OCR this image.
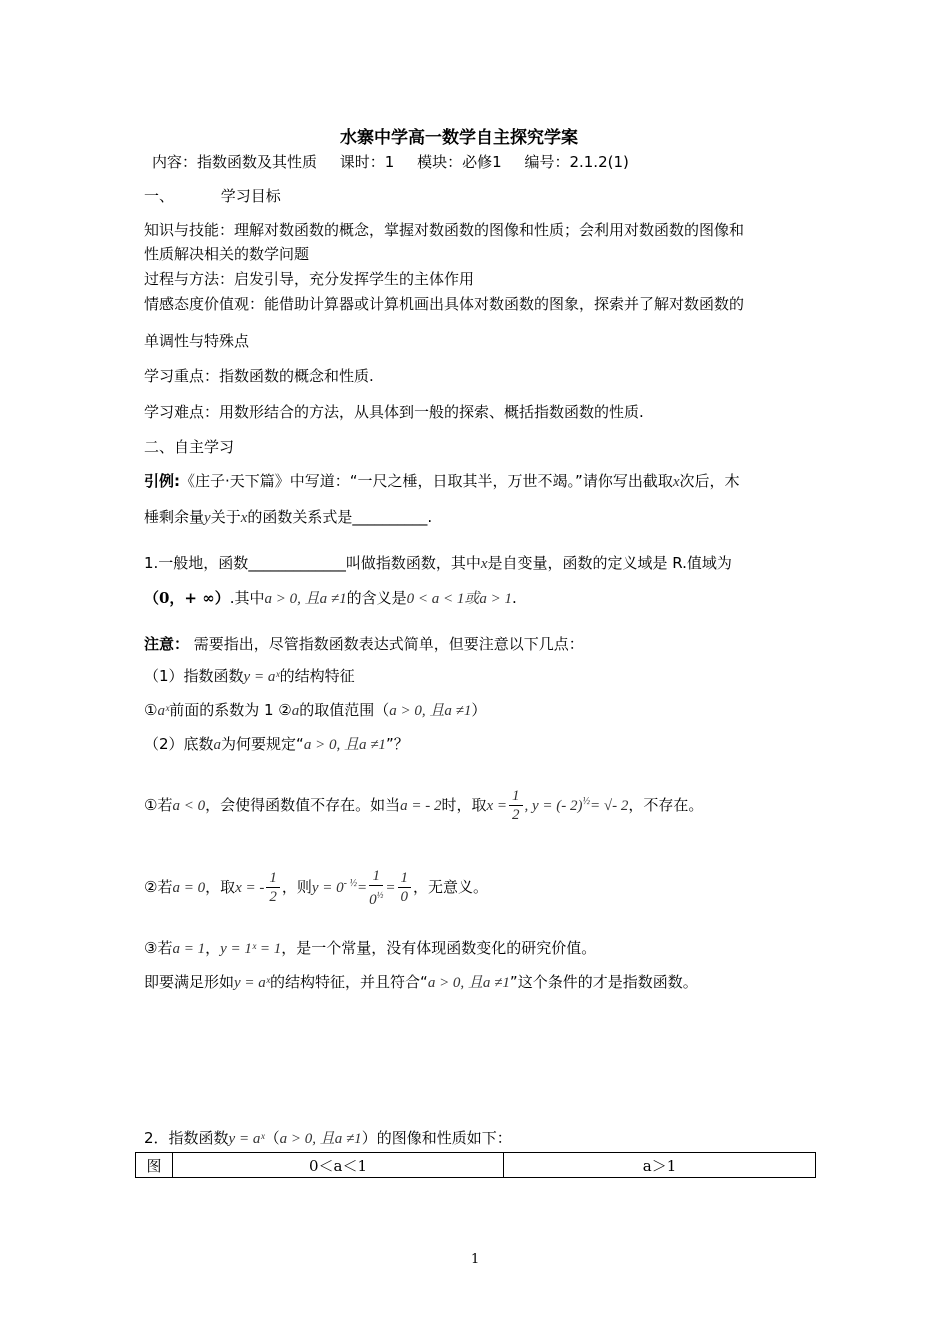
水寨中学高一数学自主探究学案
内容：指数函数及其性质 课时：1 模块：必修1 编号：2.1.2(1)
一、	学习目标
知识与技能：理解对数函数的概念，掌握对数函数的图像和性质；会利用对数函数的图像和
性质解决相关的数学问题
过程与方法：启发引导，充分发挥学生的主体作用
情感态度价值观：能借助计算器或计算机画出具体对数函数的图象，探索并了解对数函数的
单调性与特殊点
学习重点：指数函数的概念和性质.
学习难点：用数形结合的方法，从具体到一般的探索、概括指数函数的性质.
二、自主学习
引例:《庄子·天下篇》中写道：“一尺之棰，日取其半，万世不竭。”请你写出截取x次后，木
棰剩余量y关于x的函数关系式是__________.
1.一般地，函数_____________叫做指数函数，其中x是自变量，函数的定义域是 R.值域为
（0，+ ∞）.其中a > 0, 且a ≠1的含义是0 < a < 1或a > 1.
注意： 需要指出，尽管指数函数表达式简单，但要注意以下几点：
（1）指数函数y = aˣ的结构特征
①aˣ前面的系数为 1 ②a的取值范围（a > 0, 且a ≠1）
（2）底数a为何要规定“a > 0, 且a ≠1”？
①若a < 0，会使得函数值不存在。如当a = - 2时，取$x = \frac{1}{2}$ , y = (- 2)$^{\frac{1}{2}}$= √- 2，不存在。
②若a = 0，取x = - $\frac{1}{2}$ ，则$y = 0^{- \frac{1}{2}}= \frac{1}{0^{\frac{1}{2}}} = \frac{1}{0}$ ，无意义。
③若a = 1，y = 1ˣ = 1，是一个常量，没有体现函数变化的研究价值。
即要满足形如y = aˣ的结构特征，并且符合“a > 0, 且a ≠1”这个条件的才是指数函数。
2．指数函数y = aˣ（a > 0, 且a ≠1）的图像和性质如下：
图	0＜a＜1	a＞1
1
